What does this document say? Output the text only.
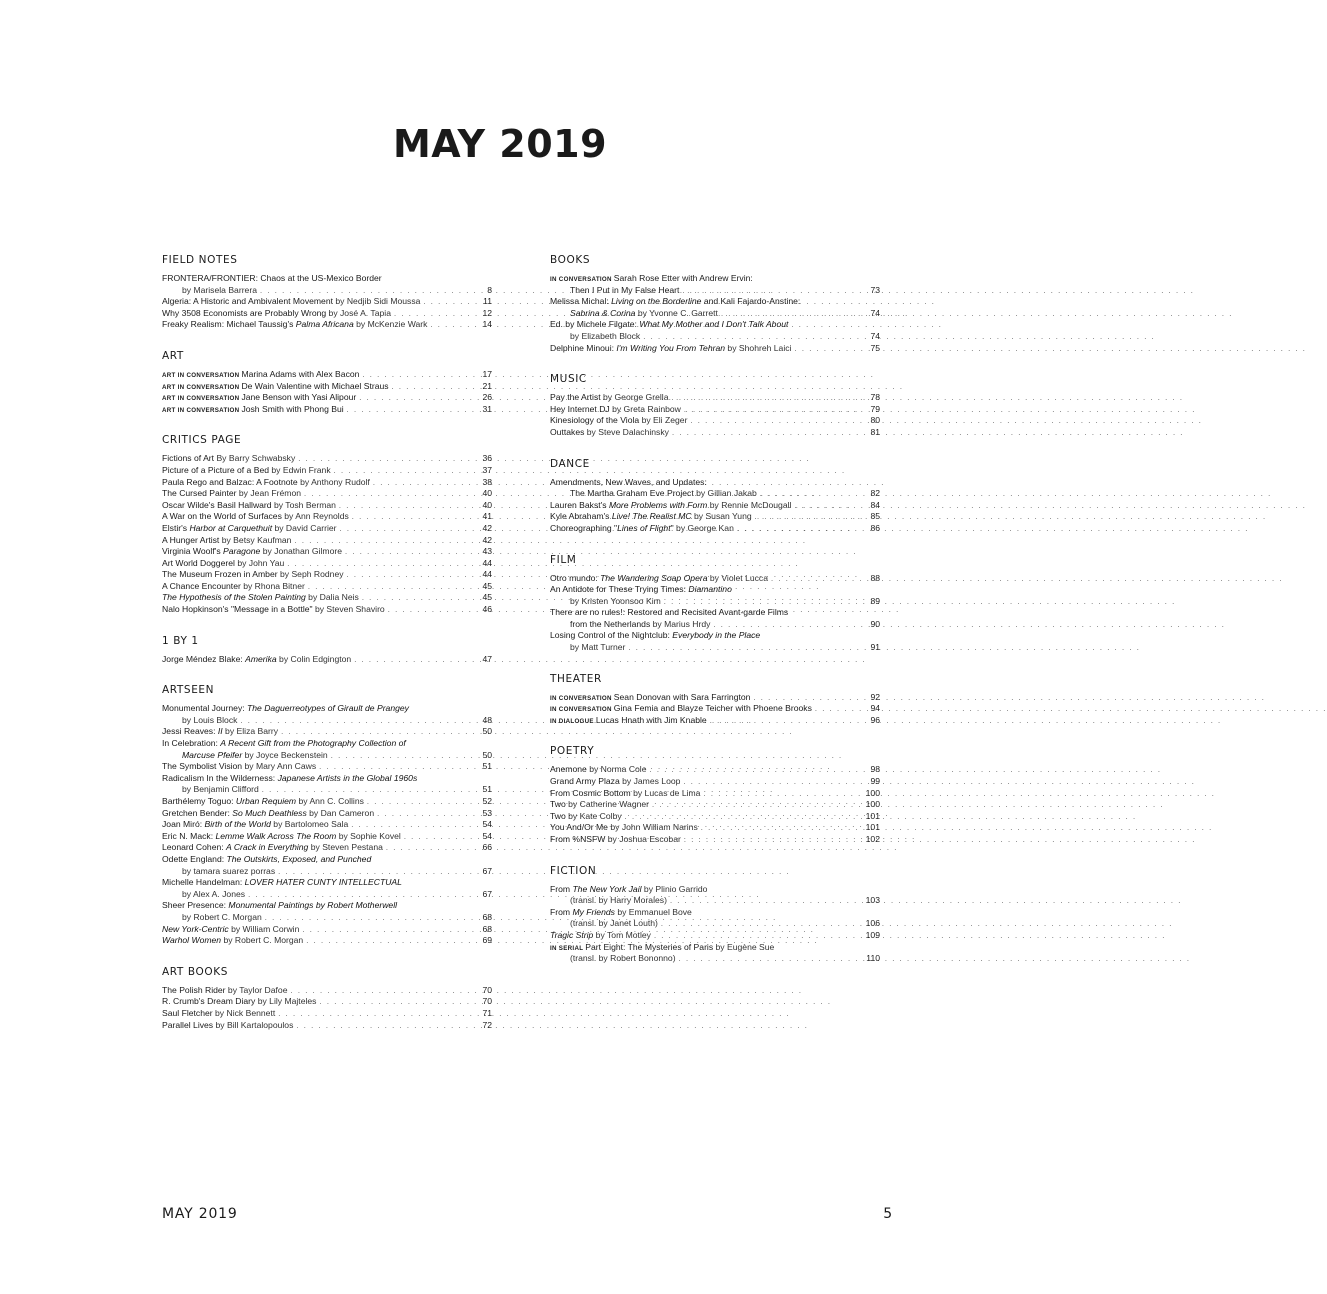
MAY 2019
FIELD NOTES
FRONTERA/FRONTIER: Chaos at the US-Mexico Border
by Marisela Barrera . . .	8
Algeria: A Historic and Ambivalent Movement by Nedjib Sidi Moussa . . .	11
Why 3508 Economists are Probably Wrong by José A. Tapia . . .	12
Freaky Realism: Michael Taussig's Palma Africana by McKenzie Wark . . .	14
ART
ART IN CONVERSATION Marina Adams with Alex Bacon . . .	17
ART IN CONVERSATION De Wain Valentine with Michael Straus . . .	21
ART IN CONVERSATION Jane Benson with Yasi Alipour . . .	26
ART IN CONVERSATION Josh Smith with Phong Bui . . .	31
CRITICS PAGE
Fictions of Art By Barry Schwabsky . . .	36
Picture of a Picture of a Bed by Edwin Frank . . .	37
Paula Rego and Balzac: A Footnote by Anthony Rudolf . . .	38
The Cursed Painter by Jean Frémon . . .	40
Oscar Wilde's Basil Hallward by Tosh Berman . . .	40
A War on the World of Surfaces by Ann Reynolds . . .	41
Elstir's Harbor at Carquethuit by David Carrier . . .	42
A Hunger Artist by Betsy Kaufman . . .	42
Virginia Woolf's Paragone by Jonathan Gilmore . . .	43
Art World Doggerel by John Yau . . .	44
The Museum Frozen in Amber by Seph Rodney . . .	44
A Chance Encounter by Rhona Bitner . . .	45
The Hypothesis of the Stolen Painting by Dalia Neis . . .	45
Nalo Hopkinson's "Message in a Bottle" by Steven Shaviro . . .	46
1 BY 1
Jorge Méndez Blake: Amerika by Colin Edgington . . .	47
ARTSEEN
Monumental Journey: The Daguerreotypes of Girault de Prangey
by Louis Block . . .	48
Jessi Reaves: II by Eliza Barry . . .	50
In Celebration: A Recent Gift from the Photography Collection of
Marcuse Pfeifer by Joyce Beckenstein . . .	50
The Symbolist Vision by Mary Ann Caws . . .	51
Radicalism In the Wilderness: Japanese Artists in the Global 1960s
by Benjamin Clifford . . .	51
Barthélemy Toguo: Urban Requiem by Ann C. Collins . . .	52
Gretchen Bender: So Much Deathless by Dan Cameron . . .	53
Joan Miró: Birth of the World by Bartolomeo Sala . . .	54
Eric N. Mack: Lemme Walk Across The Room by Sophie Kovel . . .	54
Leonard Cohen: A Crack in Everything by Steven Pestana . . .	66
Odette England: The Outskirts, Exposed, and Punched
by tamara suarez porras . . .	67
Michelle Handelman: LOVER HATER CUNTY INTELLECTUAL
by Alex A. Jones . . .	67
Sheer Presence: Monumental Paintings by Robert Motherwell
by Robert C. Morgan . . .	68
New York-Centric by William Corwin . . .	68
Warhol Women by Robert C. Morgan . . .	69
ART BOOKS
The Polish Rider by Taylor Dafoe . . .	70
R. Crumb's Dream Diary by Lily Majteles . . .	70
Saul Fletcher by Nick Bennett . . .	71
Parallel Lives by Bill Kartalopoulos . . .	72
BOOKS
IN CONVERSATION Sarah Rose Etter with Andrew Ervin:
Then I Put in My False Heart . . .	73
Melissa Michal: Living on the Borderline and Kali Fajardo-Anstine:
Sabrina & Corina by Yvonne C. Garrett . . .	74
Ed. by Michele Filgate: What My Mother and I Don't Talk About
by Elizabeth Block . . .	74
Delphine Minoui: I'm Writing You From Tehran by Shohreh Laici . . .	75
MUSIC
Pay the Artist by George Grella . . .	78
Hey Internet DJ by Greta Rainbow . . .	79
Kinesiology of the Viola by Eli Zeger . . .	80
Outtakes by Steve Dalachinsky . . .	81
DANCE
Amendments, New Waves, and Updates:
The Martha Graham Eve Project by Gillian Jakab . . .	82
Lauren Bakst's More Problems with Form by Rennie McDougall . . .	84
Kyle Abraham's Live! The Realist MC by Susan Yung . . .	85
Choreographing "Lines of Flight" by George Kan . . .	86
FILM
Otro mundo: The Wandering Soap Opera by Violet Lucca . . .	88
An Antidote for These Trying Times: Diamantino
by Kristen Yoonsoo Kim . . .	89
There are no rules!: Restored and Recisited Avant-garde Films
from the Netherlands by Marius Hrdy . . .	90
Losing Control of the Nightclub: Everybody in the Place
by Matt Turner . . .	91
THEATER
IN CONVERSATION Sean Donovan with Sara Farrington . . .	92
IN CONVERSATION Gina Femia and Blayze Teicher with Phoene Brooks . . .	94
IN DIALOGUE Lucas Hnath with Jim Knable . . .	96
POETRY
Anemone by Norma Cole . . .	98
Grand Army Plaza by James Loop . . .	99
From Cosmic Bottom by Lucas de Lima . . .	100
Two by Catherine Wagner . . .	100
Two by Kate Colby . . .	101
You And/Or Me by John William Narins . . .	101
From %NSFW by Joshua Escobar . . .	102
FICTION
From The New York Jail by Plinio Garrido
(transl. by Harry Morales) . . .	103
From My Friends by Emmanuel Bove
(transl. by Janet Louth) . . .	106
Tragic Strip by Tom Motley . . .	109
IN SERIAL Part Eight: The Mysteries of Paris by Eugène Sue
(transl. by Robert Bononno) . . .	110
MAY 2019	5
